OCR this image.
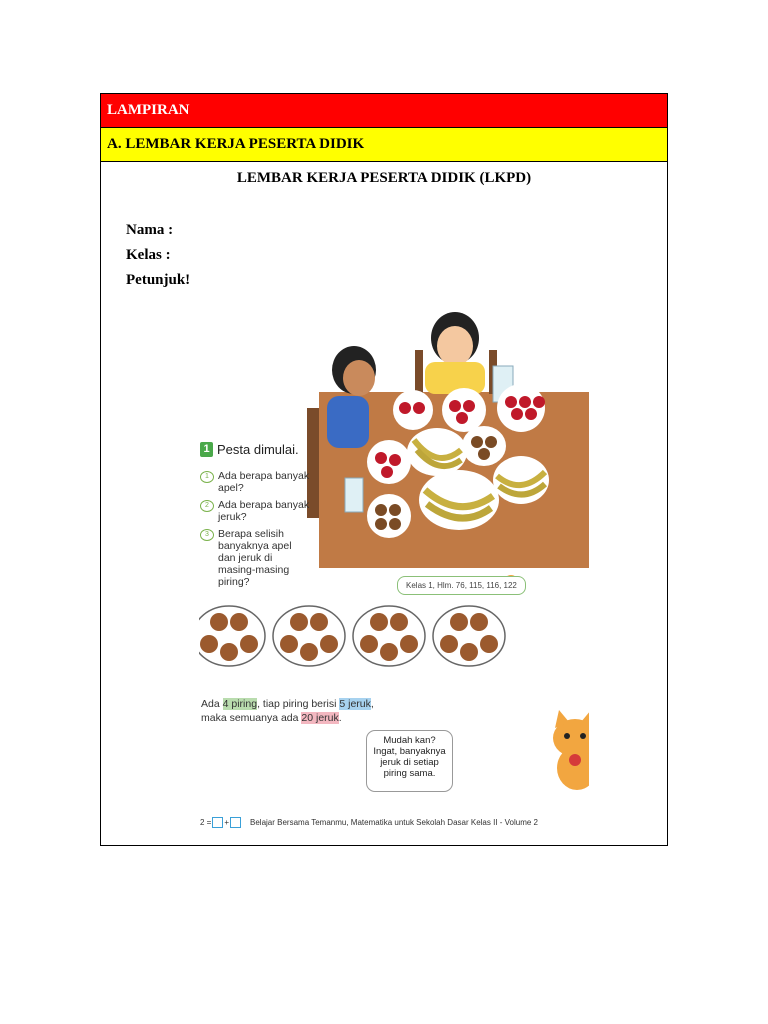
LAMPIRAN
A. LEMBAR KERJA PESERTA DIDIK
LEMBAR KERJA PESERTA DIDIK (LKPD)
Nama :
Kelas :
Petunjuk!
1 Pesta dimulai.
1 Ada berapa banyak apel?
2 Ada berapa banyak jeruk?
3 Berapa selisih banyaknya apel dan jeruk di masing-masing piring?	Kelas 1, Hlm. 76, 115, 116, 122
Ada 4 piring, tiap piring berisi 5 jeruk,
maka semuanya ada 20 jeruk.
Mudah kan?
Ingat, banyaknya
jeruk di setiap
piring sama.
2 = +	Belajar Bersama Temanmu, Matematika untuk Sekolah Dasar Kelas II - Volume 2
